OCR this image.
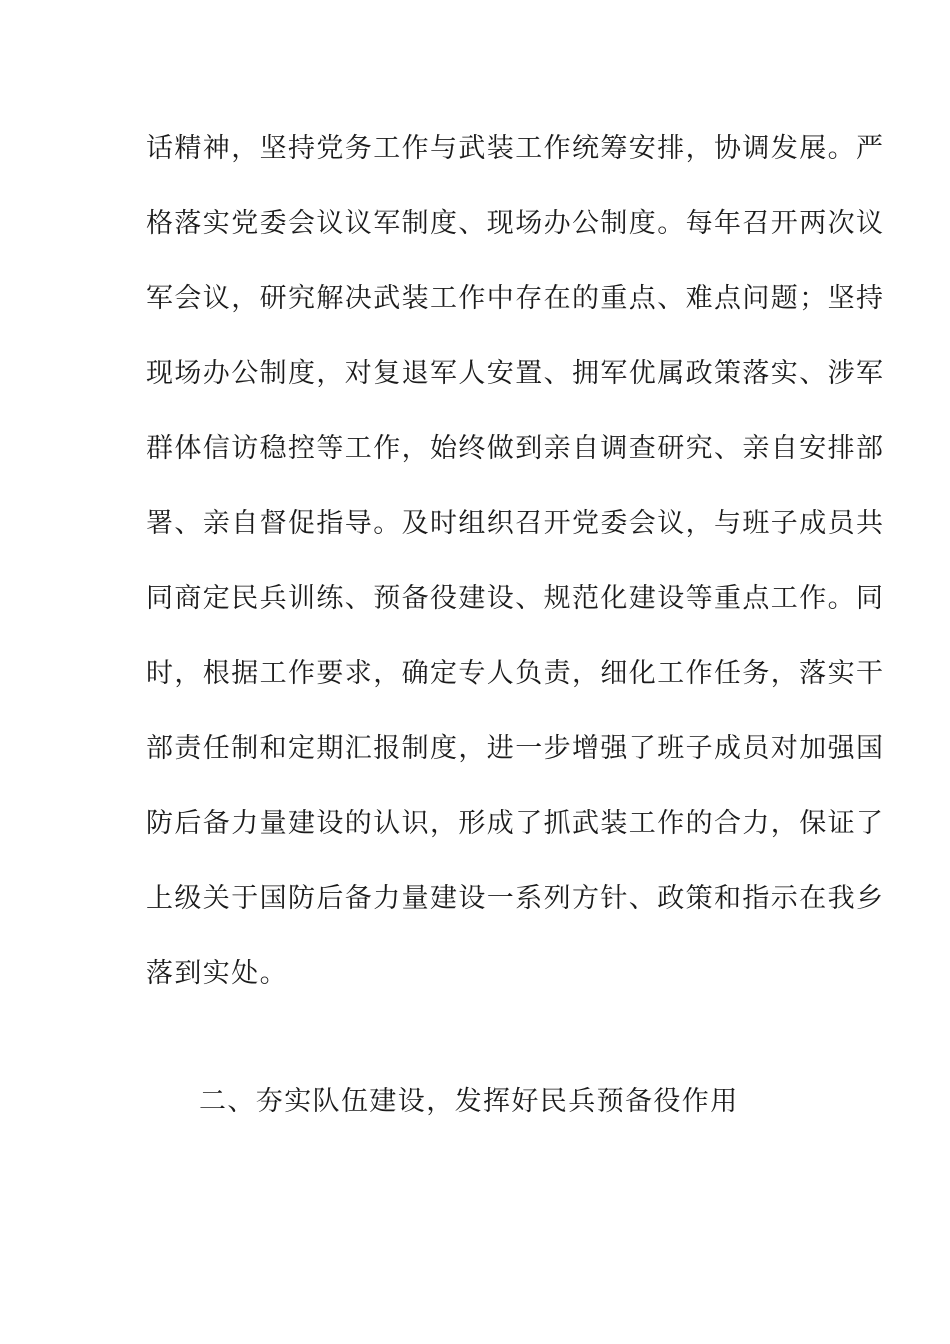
话精神，坚持党务工作与武装工作统筹安排，协调发展。严
格落实党委会议议军制度、现场办公制度。每年召开两次议
军会议，研究解决武装工作中存在的重点、难点问题；坚持
现场办公制度，对复退军人安置、拥军优属政策落实、涉军
群体信访稳控等工作，始终做到亲自调查研究、亲自安排部
署、亲自督促指导。及时组织召开党委会议，与班子成员共
同商定民兵训练、预备役建设、规范化建设等重点工作。同
时，根据工作要求，确定专人负责，细化工作任务，落实干
部责任制和定期汇报制度，进一步增强了班子成员对加强国
防后备力量建设的认识，形成了抓武装工作的合力，保证了
上级关于国防后备力量建设一系列方针、政策和指示在我乡
落到实处。
二、夯实队伍建设，发挥好民兵预备役作用
